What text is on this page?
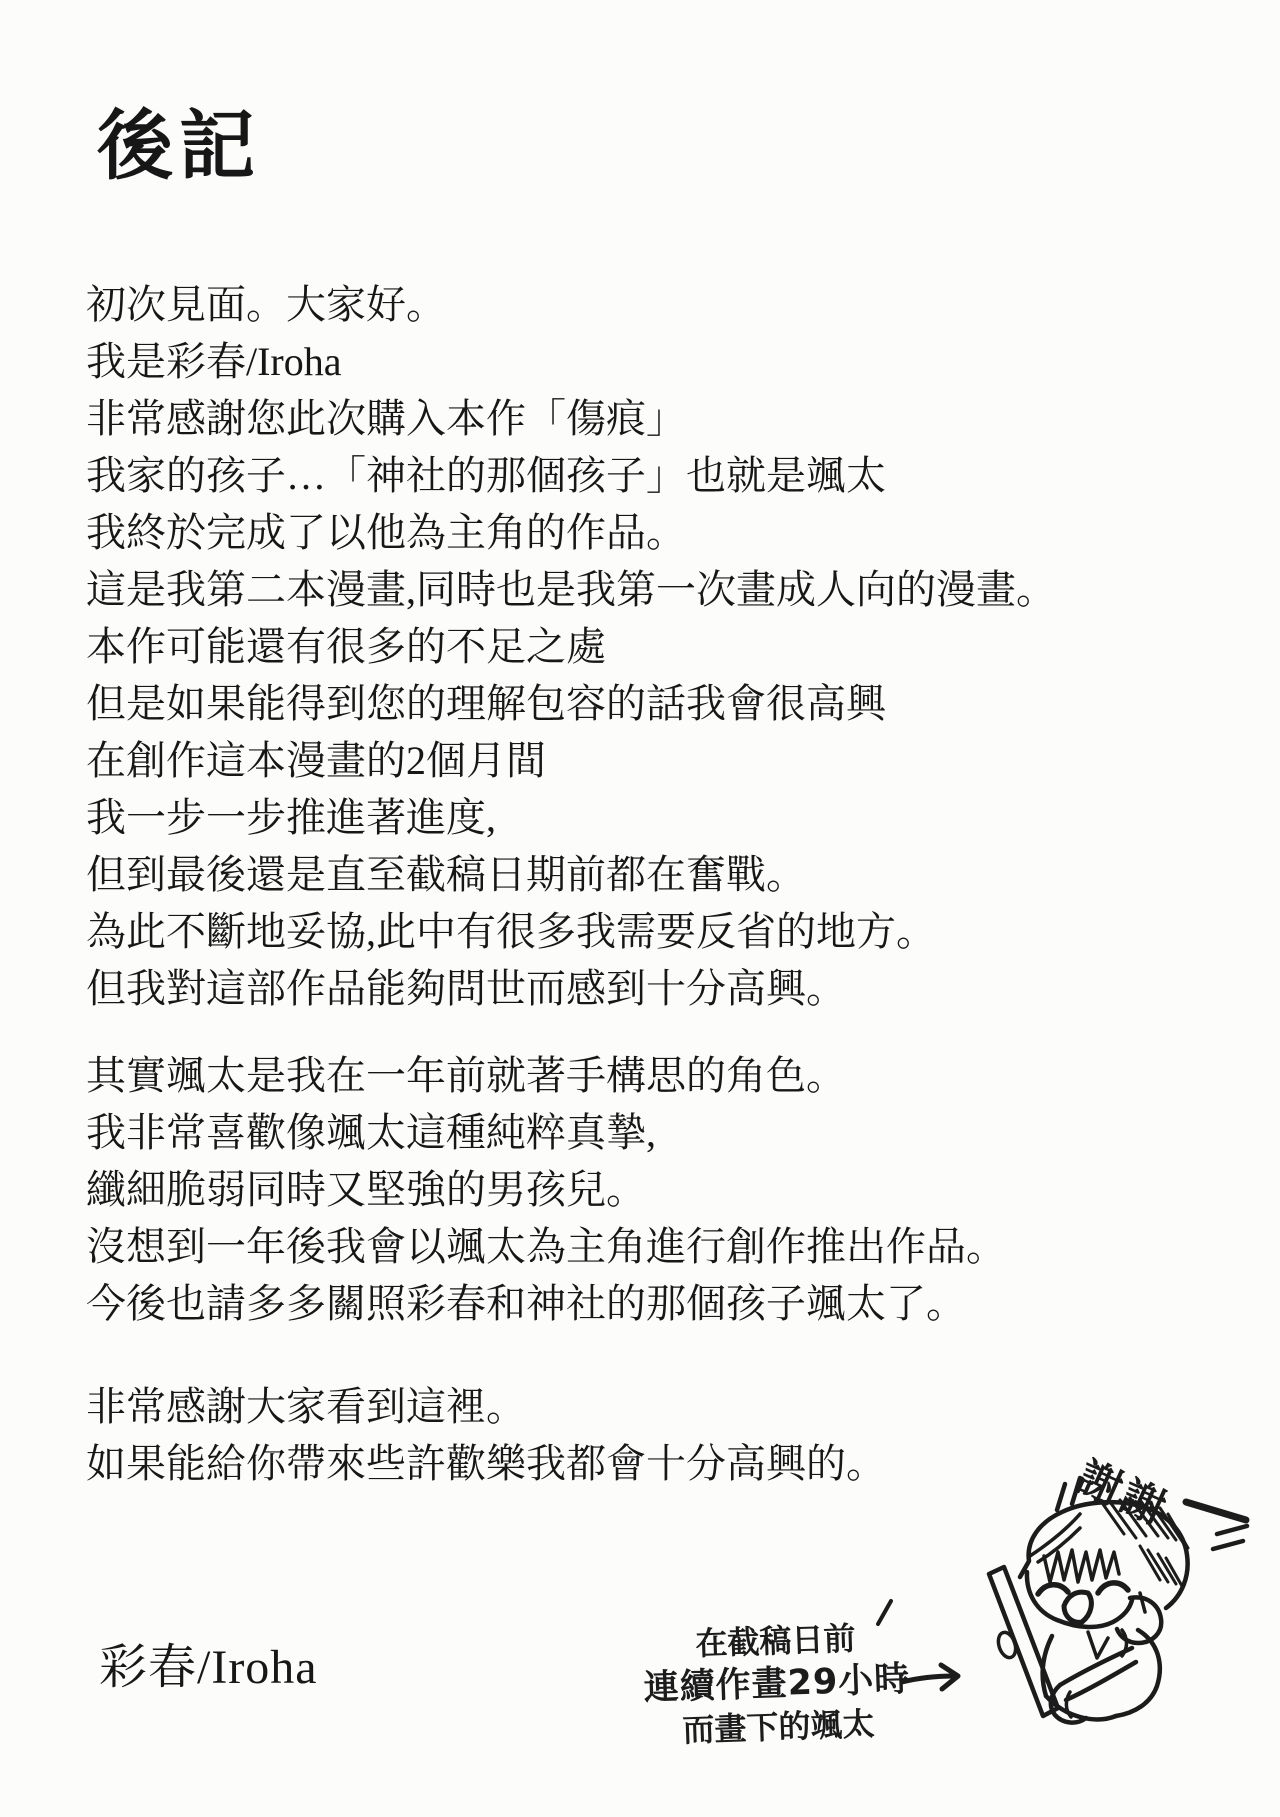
後記
初次見面。大家好。
我是彩春/Iroha
非常感謝您此次購入本作「傷痕」
我家的孩子…「神社的那個孩子」也就是颯太
我終於完成了以他為主角的作品。
這是我第二本漫畫,同時也是我第一次畫成人向的漫畫。
本作可能還有很多的不足之處
但是如果能得到您的理解包容的話我會很高興
在創作這本漫畫的2個月間
我一步一步推進著進度,
但到最後還是直至截稿日期前都在奮戰。
為此不斷地妥協,此中有很多我需要反省的地方。
但我對這部作品能夠問世而感到十分高興。
其實颯太是我在一年前就著手構思的角色。
我非常喜歡像颯太這種純粹真摯,
纖細脆弱同時又堅強的男孩兒。
沒想到一年後我會以颯太為主角進行創作推出作品。
今後也請多多關照彩春和神社的那個孩子颯太了。
非常感謝大家看到這裡。
如果能給你帶來些許歡樂我都會十分高興的。
彩春/Iroha
謝謝
在截稿日前
連續作畫29小時
而畫下的颯太
